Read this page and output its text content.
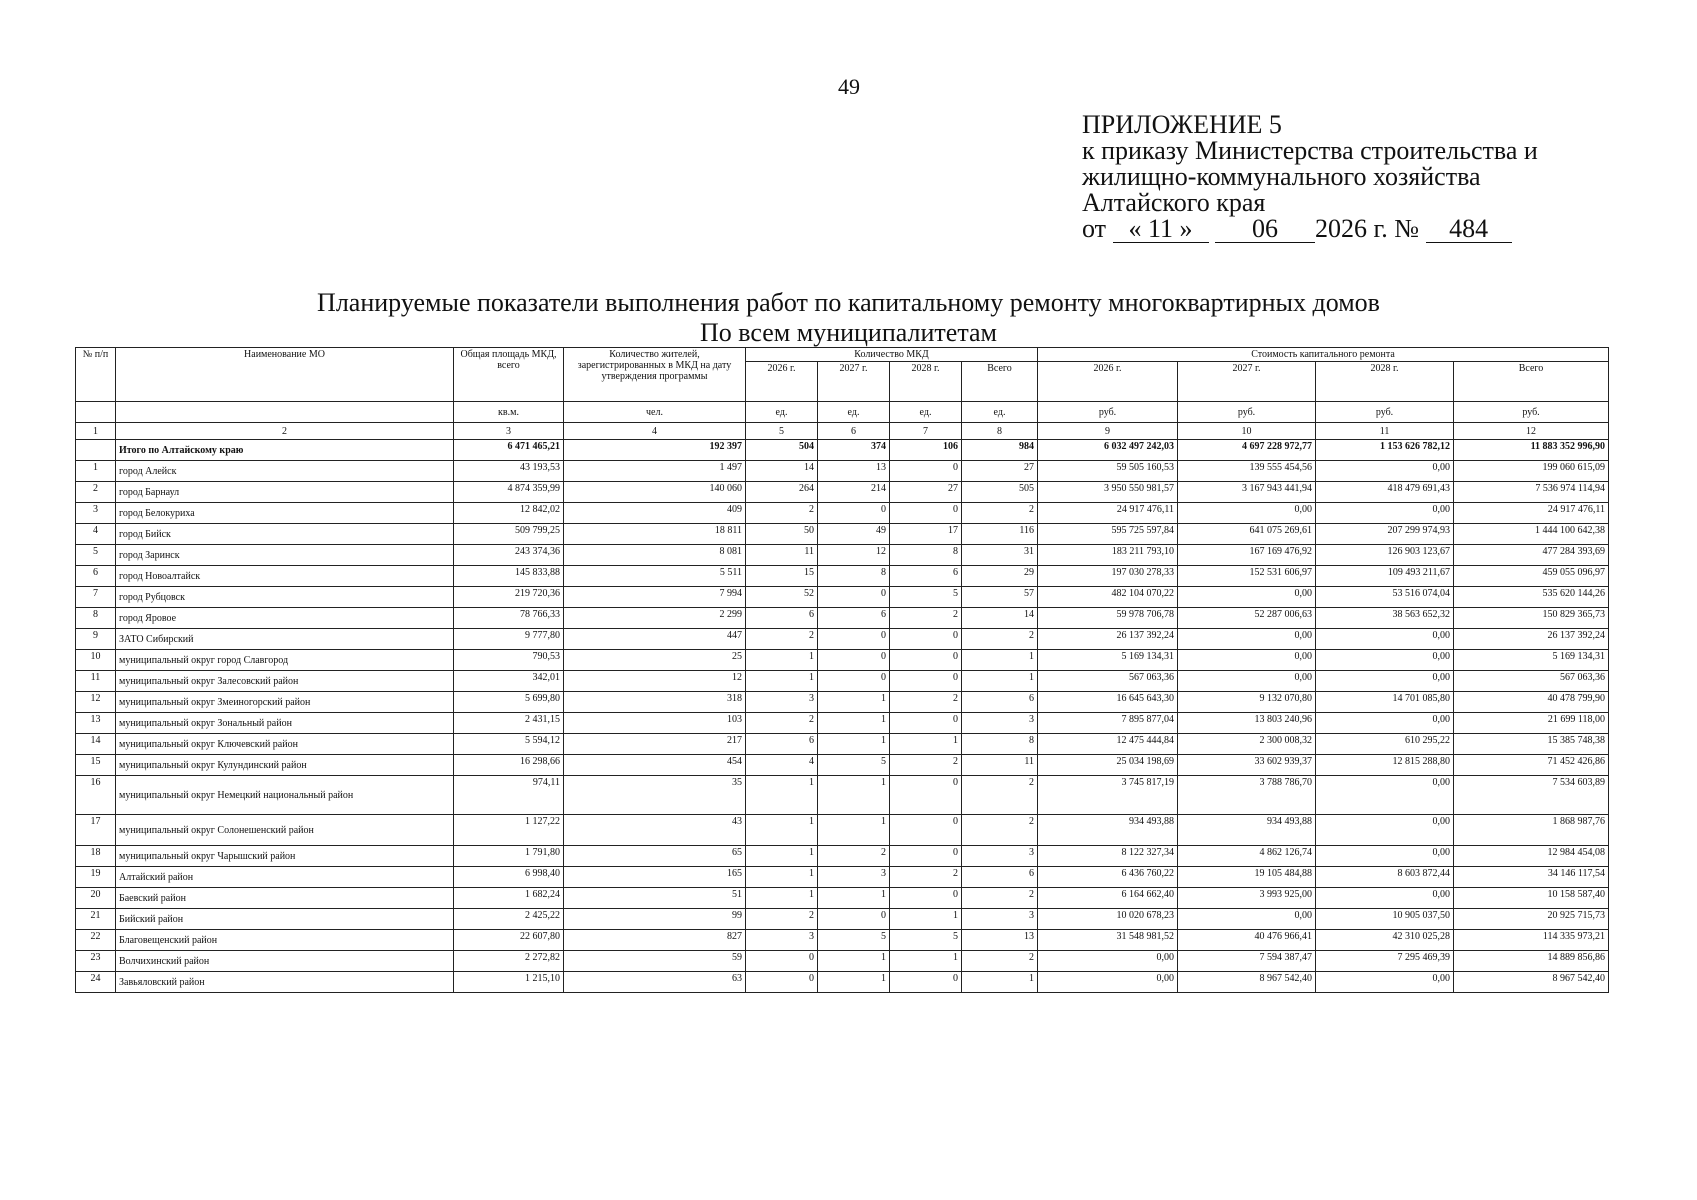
49
ПРИЛОЖЕНИЕ 5
к приказу Министерства строительства и
жилищно-коммунального хозяйства
Алтайского края
от « 11 » 06 2026 г. № 484
Планируемые показатели выполнения работ по капитальному ремонту многоквартирных домов
По всем муниципалитетам
№ п/п	Наименование МО	Общая площадь МКД, всего	Количество жителей, зарегистрированных в МКД на дату утверждения программы	Количество МКД				Стоимость капитального ремонта			
				2026 г.	2027 г.	2028 г.	Всего	2026 г.	2027 г.	2028 г.	Всего
		кв.м.	чел.	ед.	ед.	ед.	ед.	руб.	руб.	руб.	руб.
1	2	3	4	5	6	7	8	9	10	11	12
	Итого по Алтайскому краю	6 471 465,21	192 397	504	374	106	984	6 032 497 242,03	4 697 228 972,77	1 153 626 782,12	11 883 352 996,90
1	город Алейск	43 193,53	1 497	14	13	0	27	59 505 160,53	139 555 454,56	0,00	199 060 615,09
2	город Барнаул	4 874 359,99	140 060	264	214	27	505	3 950 550 981,57	3 167 943 441,94	418 479 691,43	7 536 974 114,94
3	город Белокуриха	12 842,02	409	2	0	0	2	24 917 476,11	0,00	0,00	24 917 476,11
4	город Бийск	509 799,25	18 811	50	49	17	116	595 725 597,84	641 075 269,61	207 299 974,93	1 444 100 642,38
5	город Заринск	243 374,36	8 081	11	12	8	31	183 211 793,10	167 169 476,92	126 903 123,67	477 284 393,69
6	город Новоалтайск	145 833,88	5 511	15	8	6	29	197 030 278,33	152 531 606,97	109 493 211,67	459 055 096,97
7	город Рубцовск	219 720,36	7 994	52	0	5	57	482 104 070,22	0,00	53 516 074,04	535 620 144,26
8	город Яровое	78 766,33	2 299	6	6	2	14	59 978 706,78	52 287 006,63	38 563 652,32	150 829 365,73
9	ЗАТО Сибирский	9 777,80	447	2	0	0	2	26 137 392,24	0,00	0,00	26 137 392,24
10	муниципальный округ город Славгород	790,53	25	1	0	0	1	5 169 134,31	0,00	0,00	5 169 134,31
11	муниципальный округ Залесовский район	342,01	12	1	0	0	1	567 063,36	0,00	0,00	567 063,36
12	муниципальный округ Змеиногорский район	5 699,80	318	3	1	2	6	16 645 643,30	9 132 070,80	14 701 085,80	40 478 799,90
13	муниципальный округ Зональный район	2 431,15	103	2	1	0	3	7 895 877,04	13 803 240,96	0,00	21 699 118,00
14	муниципальный округ Ключевский район	5 594,12	217	6	1	1	8	12 475 444,84	2 300 008,32	610 295,22	15 385 748,38
15	муниципальный округ Кулундинский район	16 298,66	454	4	5	2	11	25 034 198,69	33 602 939,37	12 815 288,80	71 452 426,86
16	муниципальный округ Немецкий национальный район	974,11	35	1	1	0	2	3 745 817,19	3 788 786,70	0,00	7 534 603,89
17	муниципальный округ Солонешенский район	1 127,22	43	1	1	0	2	934 493,88	934 493,88	0,00	1 868 987,76
18	муниципальный округ Чарышский район	1 791,80	65	1	2	0	3	8 122 327,34	4 862 126,74	0,00	12 984 454,08
19	Алтайский район	6 998,40	165	1	3	2	6	6 436 760,22	19 105 484,88	8 603 872,44	34 146 117,54
20	Баевский район	1 682,24	51	1	1	0	2	6 164 662,40	3 993 925,00	0,00	10 158 587,40
21	Бийский район	2 425,22	99	2	0	1	3	10 020 678,23	0,00	10 905 037,50	20 925 715,73
22	Благовещенский район	22 607,80	827	3	5	5	13	31 548 981,52	40 476 966,41	42 310 025,28	114 335 973,21
23	Волчихинский район	2 272,82	59	0	1	1	2	0,00	7 594 387,47	7 295 469,39	14 889 856,86
24	Завьяловский район	1 215,10	63	0	1	0	1	0,00	8 967 542,40	0,00	8 967 542,40
